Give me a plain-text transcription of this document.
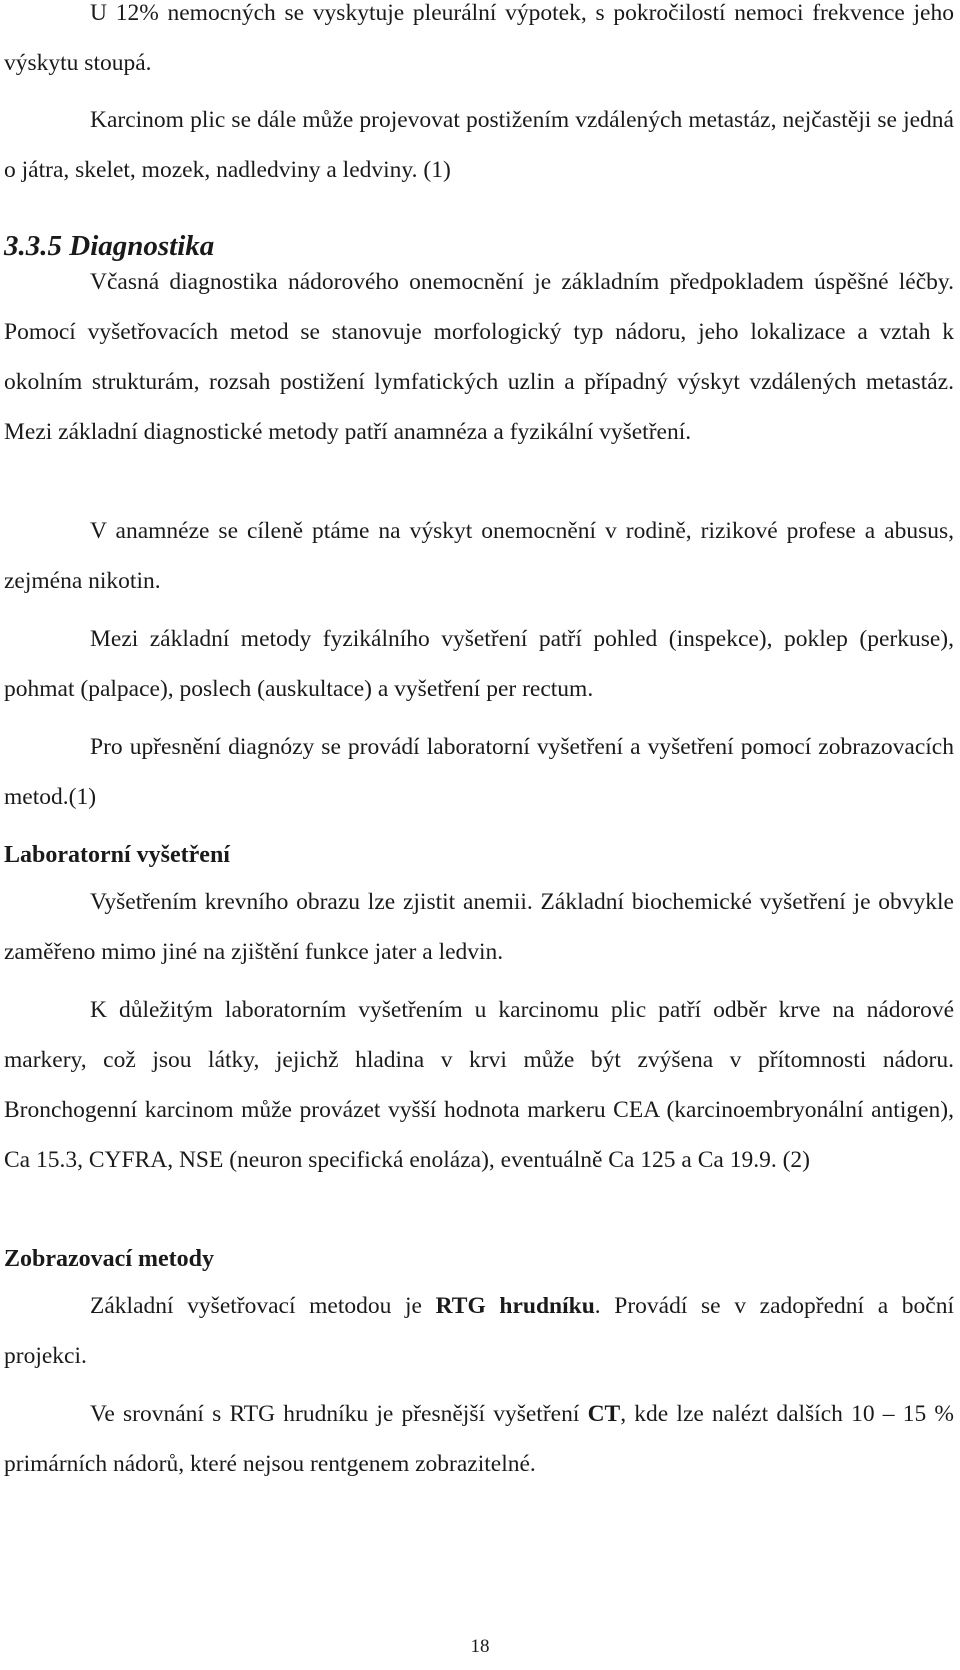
U 12% nemocných se vyskytuje pleurální výpotek, s pokročilostí nemoci frekvence jeho výskytu stoupá.

Karcinom plic se dále může projevovat postižením vzdálených metastáz, nejčastěji se jedná o játra, skelet, mozek, nadledviny a ledviny. (1)

3.3.5 Diagnostika

Včasná diagnostika nádorového onemocnění je základním předpokladem úspěšné léčby. Pomocí vyšetřovacích metod se stanovuje morfologický typ nádoru, jeho lokalizace a vztah k okolním strukturám, rozsah postižení lymfatických uzlin a případný výskyt vzdálených metastáz. Mezi základní diagnostické metody patří anamnéza a fyzikální vyšetření.

V anamnéze se cíleně ptáme na výskyt onemocnění v rodině, rizikové profese a abusus, zejména nikotin.

Mezi základní metody fyzikálního vyšetření patří pohled (inspekce), poklep (perkuse), pohmat (palpace), poslech (auskultace) a vyšetření per rectum.

Pro upřesnění diagnózy se provádí laboratorní vyšetření a vyšetření pomocí zobrazovacích metod.(1)

Laboratorní vyšetření

Vyšetřením krevního obrazu lze zjistit anemii. Základní biochemické vyšetření je obvykle zaměřeno mimo jiné na zjištění funkce jater a ledvin.

K důležitým laboratorním vyšetřením u karcinomu plic patří odběr krve na nádorové markery, což jsou látky, jejichž hladina v krvi může být zvýšena v přítomnosti nádoru. Bronchogenní karcinom může provázet vyšší hodnota markeru CEA (karcinoembryonální antigen), Ca 15.3, CYFRA, NSE (neuron specifická enoláza), eventuálně Ca 125 a Ca 19.9. (2)

Zobrazovací metody

Základní vyšetřovací metodou je RTG hrudníku. Provádí se v zadopřední a boční projekci.

Ve srovnání s RTG hrudníku je přesnější vyšetření CT, kde lze nalézt dalších 10 – 15 % primárních nádorů, které nejsou rentgenem zobrazitelné.

18
